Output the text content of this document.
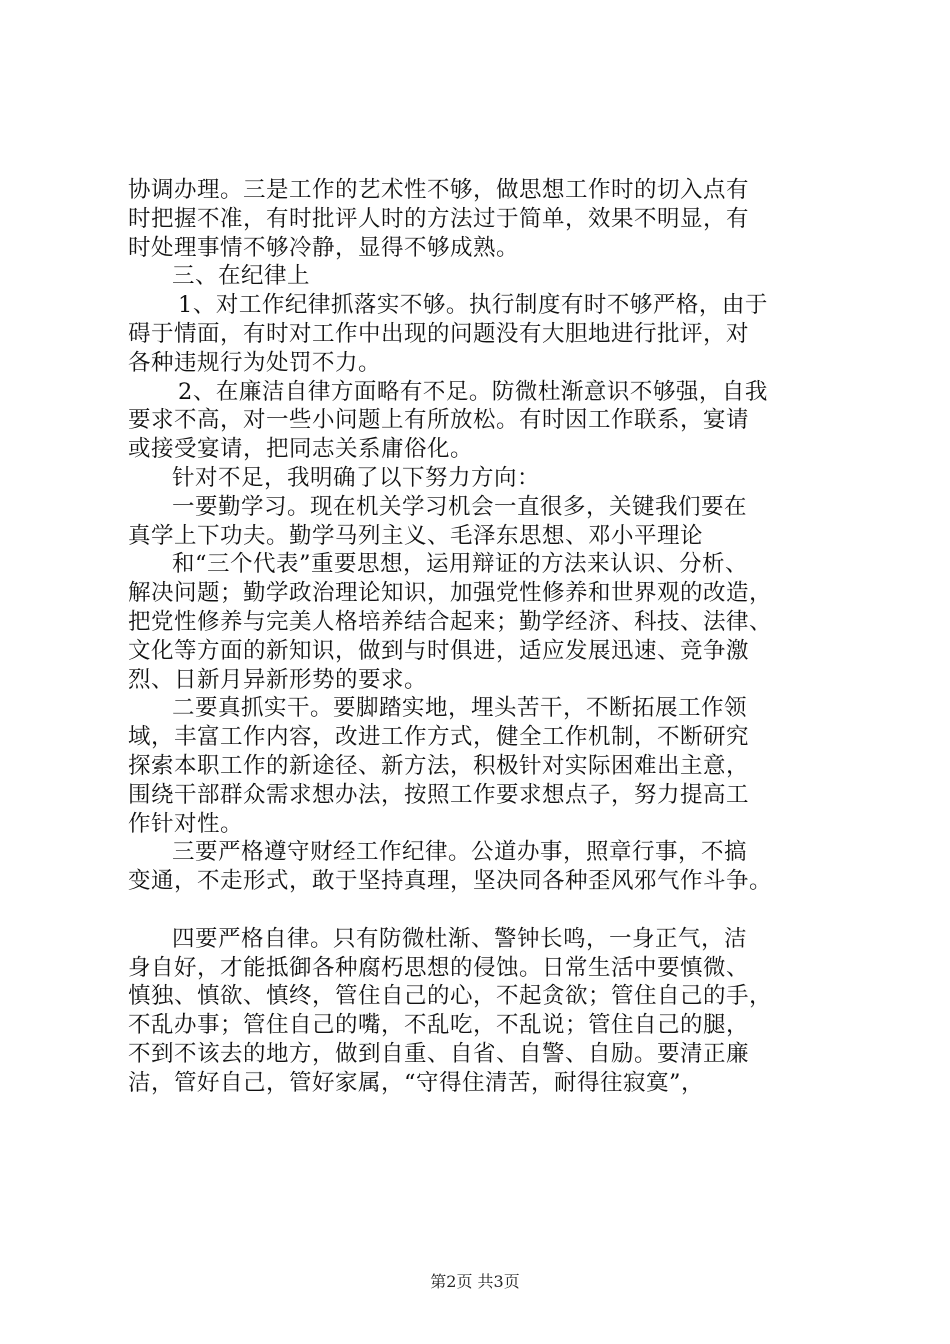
协调办理。三是工作的艺术性不够，做思想工作时的切入点有
时把握不准，有时批评人时的方法过于简单，效果不明显，有
时处理事情不够冷静，显得不够成熟。
三、在纪律上
1、对工作纪律抓落实不够。执行制度有时不够严格，由于
碍于情面，有时对工作中出现的问题没有大胆地进行批评，对
各种违规行为处罚不力。
2、在廉洁自律方面略有不足。防微杜渐意识不够强，自我
要求不高，对一些小问题上有所放松。有时因工作联系，宴请
或接受宴请，把同志关系庸俗化。
针对不足，我明确了以下努力方向：
一要勤学习。现在机关学习机会一直很多，关键我们要在
真学上下功夫。勤学马列主义、毛泽东思想、邓小平理论
和“三个代表”重要思想，运用辩证的方法来认识、分析、
解决问题；勤学政治理论知识，加强党性修养和世界观的改造，
把党性修养与完美人格培养结合起来；勤学经济、科技、法律、
文化等方面的新知识，做到与时俱进，适应发展迅速、竞争激
烈、日新月异新形势的要求。
二要真抓实干。要脚踏实地，埋头苦干，不断拓展工作领
域，丰富工作内容，改进工作方式，健全工作机制，不断研究
探索本职工作的新途径、新方法，积极针对实际困难出主意，
围绕干部群众需求想办法，按照工作要求想点子，努力提高工
作针对性。
三要严格遵守财经工作纪律。公道办事，照章行事，不搞
变通，不走形式，敢于坚持真理，坚决同各种歪风邪气作斗争。
四要严格自律。只有防微杜渐、警钟长鸣，一身正气，洁
身自好，才能抵御各种腐朽思想的侵蚀。日常生活中要慎微、
慎独、慎欲、慎终，管住自己的心，不起贪欲；管住自己的手，
不乱办事；管住自己的嘴，不乱吃，不乱说；管住自己的腿，
不到不该去的地方，做到自重、自省、自警、自励。要清正廉
洁，管好自己，管好家属，“守得住清苦，耐得往寂寞”，
第2页 共3页
